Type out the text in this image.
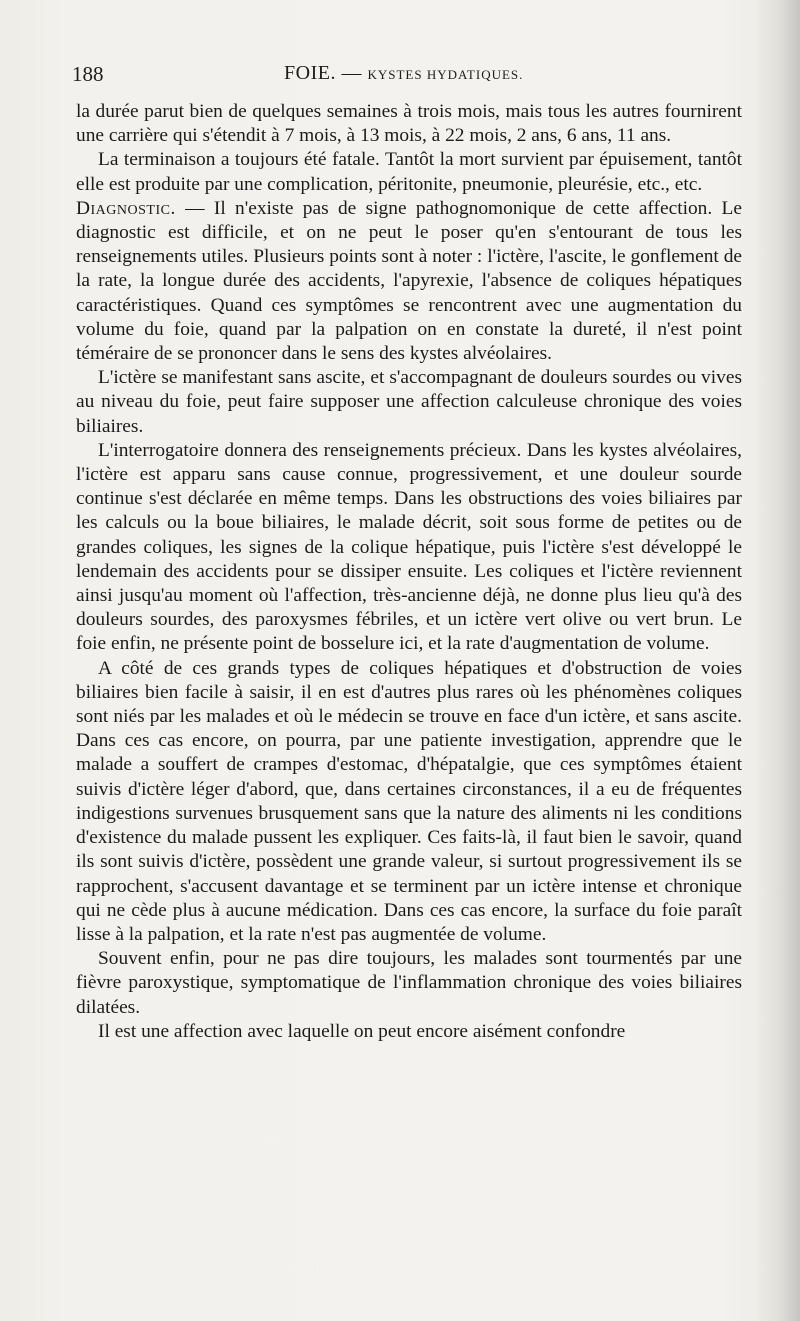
188	FOIE. — KYSTES HYDATIQUES.

la durée parut bien de quelques semaines à trois mois, mais tous les autres fournirent une carrière qui s'étendit à 7 mois, à 13 mois, à 22 mois, 2 ans, 6 ans, 11 ans.

La terminaison a toujours été fatale. Tantôt la mort survient par épuisement, tantôt elle est produite par une complication, péritonite, pneumonie, pleurésie, etc., etc.

Diagnostic. — Il n'existe pas de signe pathognomonique de cette affection. Le diagnostic est difficile, et on ne peut le poser qu'en s'entourant de tous les renseignements utiles. Plusieurs points sont à noter : l'ictère, l'ascite, le gonflement de la rate, la longue durée des accidents, l'apyrexie, l'absence de coliques hépatiques caractéristiques. Quand ces symptômes se rencontrent avec une augmentation du volume du foie, quand par la palpation on en constate la dureté, il n'est point téméraire de se prononcer dans le sens des kystes alvéolaires.

L'ictère se manifestant sans ascite, et s'accompagnant de douleurs sourdes ou vives au niveau du foie, peut faire supposer une affection calculeuse chronique des voies biliaires.

L'interrogatoire donnera des renseignements précieux. Dans les kystes alvéolaires, l'ictère est apparu sans cause connue, progressivement, et une douleur sourde continue s'est déclarée en même temps. Dans les obstructions des voies biliaires par les calculs ou la boue biliaires, le malade décrit, soit sous forme de petites ou de grandes coliques, les signes de la colique hépatique, puis l'ictère s'est développé le lendemain des accidents pour se dissiper ensuite. Les coliques et l'ictère reviennent ainsi jusqu'au moment où l'affection, très-ancienne déjà, ne donne plus lieu qu'à des douleurs sourdes, des paroxysmes fébriles, et un ictère vert olive ou vert brun. Le foie enfin, ne présente point de bosselure ici, et la rate d'augmentation de volume.

A côté de ces grands types de coliques hépatiques et d'obstruction de voies biliaires bien facile à saisir, il en est d'autres plus rares où les phénomènes coliques sont niés par les malades et où le médecin se trouve en face d'un ictère, et sans ascite. Dans ces cas encore, on pourra, par une patiente investigation, apprendre que le malade a souffert de crampes d'estomac, d'hépatalgie, que ces symptômes étaient suivis d'ictère léger d'abord, que, dans certaines circonstances, il a eu de fréquentes indigestions survenues brusquement sans que la nature des aliments ni les conditions d'existence du malade pussent les expliquer. Ces faits-là, il faut bien le savoir, quand ils sont suivis d'ictère, possèdent une grande valeur, si surtout progressivement ils se rapprochent, s'accusent davantage et se terminent par un ictère intense et chronique qui ne cède plus à aucune médication. Dans ces cas encore, la surface du foie paraît lisse à la palpation, et la rate n'est pas augmentée de volume.

Souvent enfin, pour ne pas dire toujours, les malades sont tourmentés par une fièvre paroxystique, symptomatique de l'inflammation chronique des voies biliaires dilatées.

Il est une affection avec laquelle on peut encore aisément confondre
